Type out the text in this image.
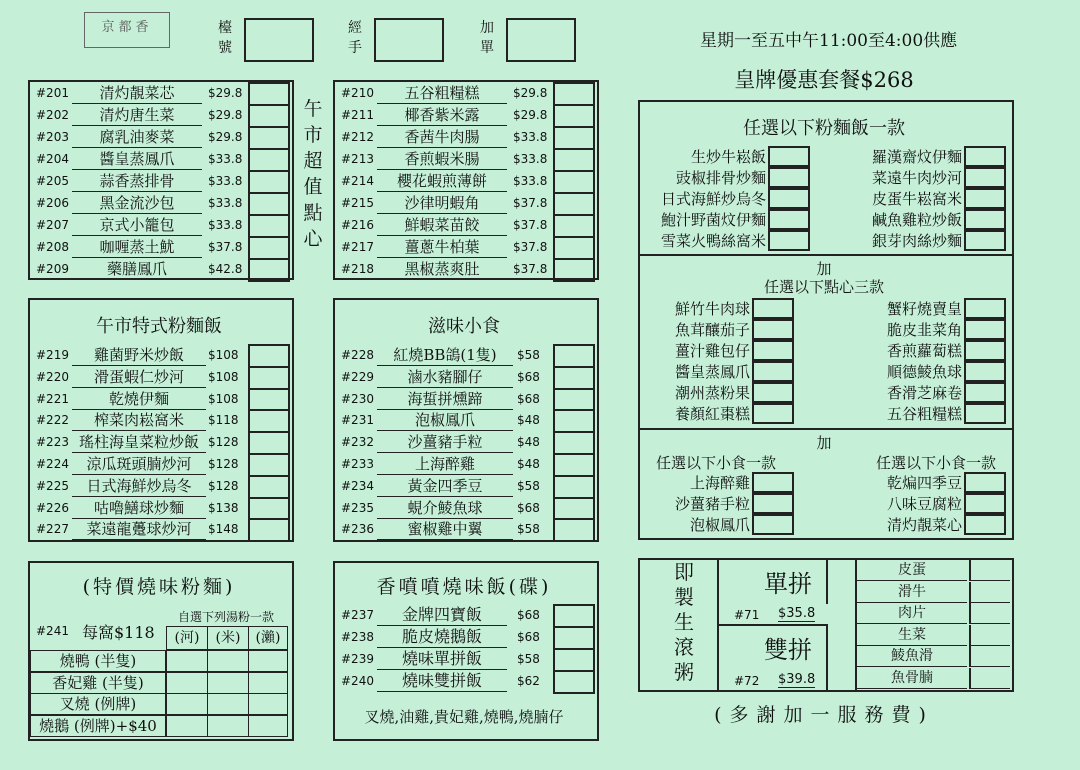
京都香	檯
號
經
手
加
單	星期一至五中午11:00至4:00供應
#201	清灼靚菜芯	$29.8
#202	清灼唐生菜	$29.8
#203	腐乳油麥菜	$29.8
#204	醬皇蒸鳳爪	$33.8
#205	蒜香蒸排骨	$33.8
#206	黑金流沙包	$33.8
#207	京式小籠包	$33.8
#208	咖喱蒸土魷	$37.8
#209	藥膳鳳爪	$42.8
午
市
超
值
點
心
#210	五谷粗糧糕	$29.8
#211	椰香紫米露	$29.8
#212	香茜牛肉腸	$33.8
#213	香煎蝦米腸	$33.8
#214	櫻花蝦煎薄餅	$33.8
#215	沙律明蝦角	$37.8
#216	鮮蝦菜苗餃	$37.8
#217	薑蔥牛柏葉	$37.8
#218	黑椒蒸爽肚	$37.8
午市特式粉麵飯
#219	雞菌野米炒飯	$108
#220	滑蛋蝦仁炒河	$108
#221	乾燒伊麵	$108
#222	榨菜肉崧窩米	$118
#223 瑤柱海皇菜粒炒飯 $128
#224	涼瓜斑頭腩炒河	$128
#225	日式海鮮炒烏冬	$128
#226	咕嚕鱔球炒麵	$138
#227	菜遠龍躉球炒河	$148
滋味小食
#228	紅燒BB鴿(1隻)	$58
#229	滷水豬腳仔	$68
#230	海蜇拼燻蹄	$68
#231	泡椒鳳爪	$48
#232	沙薑豬手粒	$48
#233	上海醉雞	$48
#234	黃金四季豆	$58
#235	蜆介鯪魚球	$68
#236	蜜椒雞中翼	$58
(特價燒味粉麵)
#241 每窩$118
自選下列湯粉一款
(河)	(米)	(瀨)
燒鴨 (半隻)
香妃雞 (半隻)
叉燒 (例牌)
燒鵝 (例牌)+$40
香噴噴燒味飯(碟)
#237	金牌四寶飯	$68
#238	脆皮燒鵝飯	$68
#239	燒味單拼飯	$58
#240	燒味雙拼飯	$62
叉燒,油雞,貴妃雞,燒鴨,燒腩仔
皇牌優惠套餐$268
任選以下粉麵飯一款
生炒牛崧飯
豉椒排骨炒麵
日式海鮮炒烏冬
鮑汁野菌炆伊麵
雪菜火鴨絲窩米
羅漢齋炆伊麵
菜遠牛肉炒河
皮蛋牛崧窩米
鹹魚雞粒炒飯
銀芽肉絲炒麵
加
任選以下點心三款
鮮竹牛肉球
魚茸釀茄子
薑汁雞包仔
醬皇蒸鳳爪
潮州蒸粉果
養顏紅棗糕
蟹籽燒賣皇
脆皮韭菜角
香煎蘿蔔糕
順德鯪魚球
香滑芝麻卷
五谷粗糧糕
加
任選以下小食一款	任選以下小食一款
上海醉雞
沙薑豬手粒
泡椒鳳爪
乾煸四季豆
八味豆腐粒
清灼靚菜心
即
製
生
滾
粥
單拼
#71 $35.8
雙拼
#72 $39.8
皮蛋
滑牛
肉片
生菜
鯪魚滑
魚骨腩
(多謝加一服務費)
